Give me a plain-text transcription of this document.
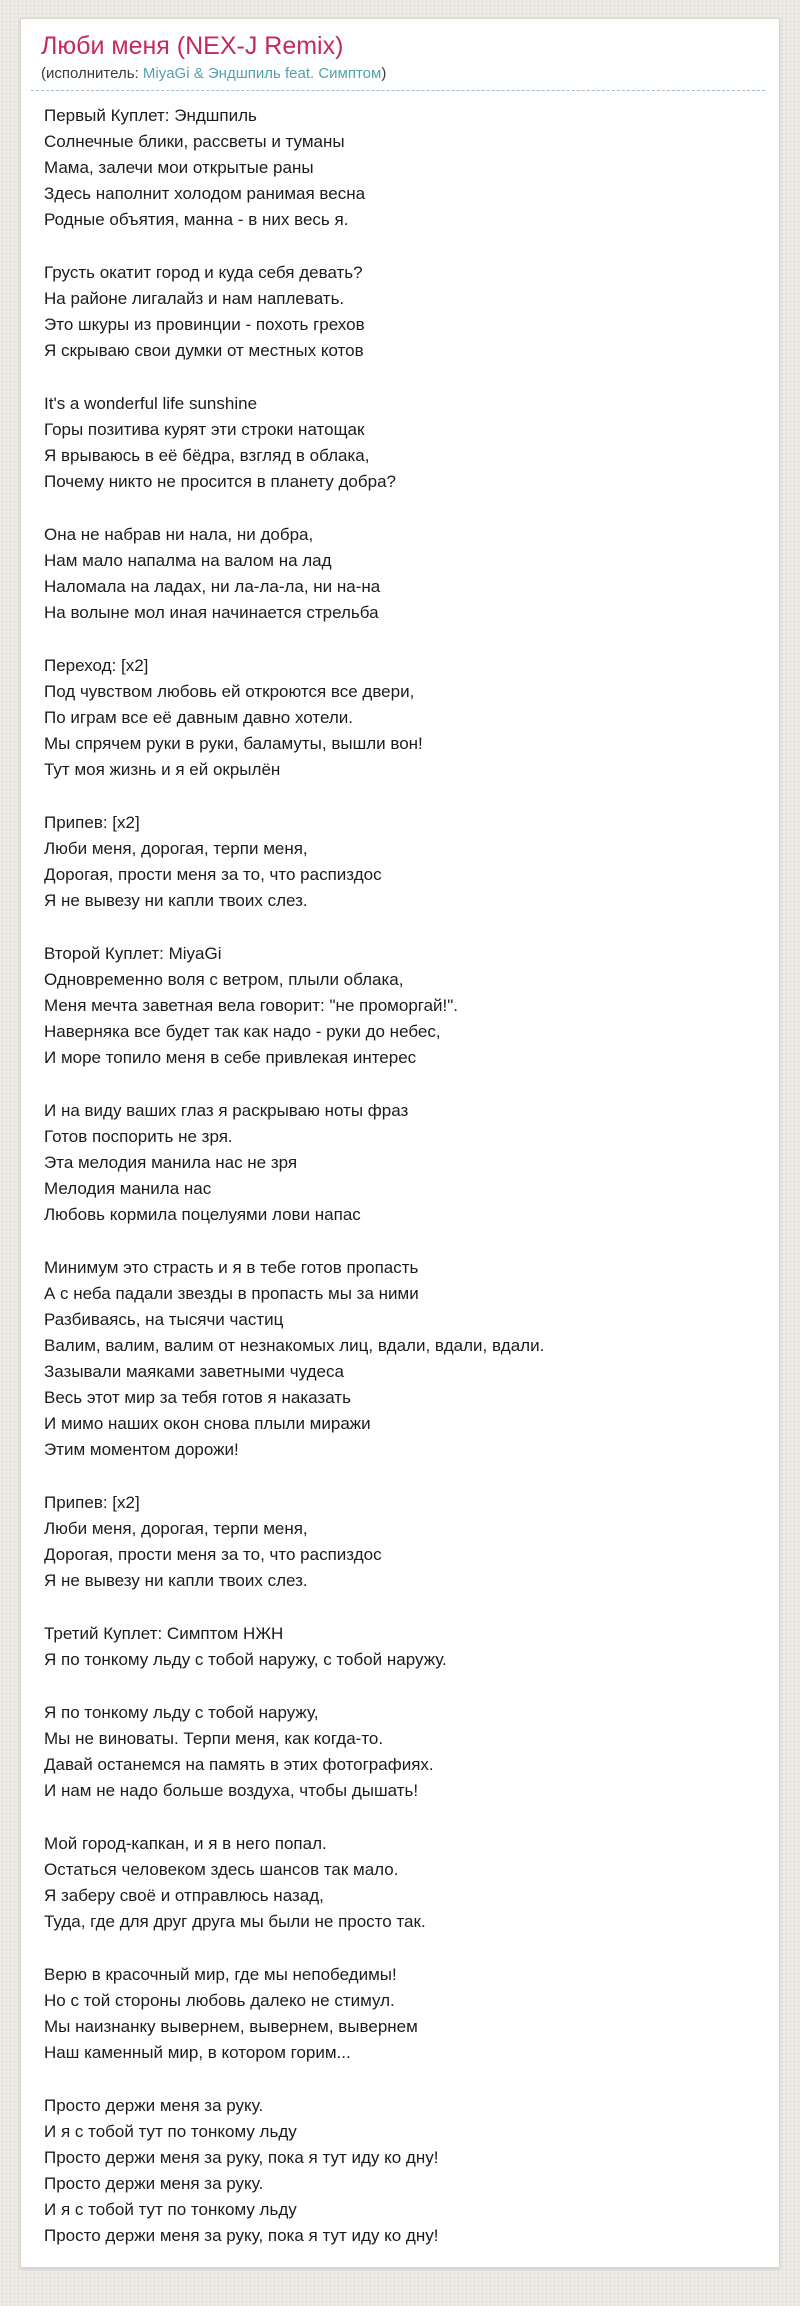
Люби меня (NEX-J Remix)
(исполнитель: MiyaGi & Эндшпиль feat. Симптом)

Первый Куплет: Эндшпиль
Солнечные блики, рассветы и туманы
Мама, залечи мои открытые раны
Здесь наполнит холодом ранимая весна
Родные объятия, манна - в них весь я.

Грусть окатит город и куда себя девать?
На районе лигалайз и нам наплевать.
Это шкуры из провинции - похоть грехов
Я скрываю свои думки от местных котов

It's a wonderful life sunshine
Горы позитива курят эти строки натощак
Я врываюсь в её бёдра, взгляд в облака,
Почему никто не просится в планету добра?

Она не набрав ни нала, ни добра,
Нам мало напалма на валом на лад
Наломала на ладах, ни ла-ла-ла, ни на-на
На волыне мол иная начинается стрельба

Переход: [x2]
Под чувством любовь ей откроются все двери,
По играм все её давным давно хотели.
Мы спрячем руки в руки, баламуты, вышли вон!
Тут моя жизнь и я ей окрылён

Припев: [x2]
Люби меня, дорогая, терпи меня,
Дорогая, прости меня за то, что распиздос
Я не вывезу ни капли твоих слез.

Второй Куплет: MiyaGi
Одновременно воля с ветром, плыли облака,
Меня мечта заветная вела говорит: "не проморгай!".
Наверняка все будет так как надо - руки до небес,
И море топило меня в себе привлекая интерес

И на виду ваших глаз я раскрываю ноты фраз
Готов поспорить не зря.
Эта мелодия манила нас не зря
Мелодия манила нас
Любовь кормила поцелуями лови напас

Минимум это страсть и я в тебе готов пропасть
А с неба падали звезды в пропасть мы за ними
Разбиваясь, на тысячи частиц
Валим, валим, валим от незнакомых лиц, вдали, вдали, вдали.
Зазывали маяками заветными чудеса
Весь этот мир за тебя готов я наказать
И мимо наших окон снова плыли миражи
Этим моментом дорожи!

Припев: [x2]
Люби меня, дорогая, терпи меня,
Дорогая, прости меня за то, что распиздос
Я не вывезу ни капли твоих слез.

Третий Куплет: Симптом НЖН
Я по тонкому льду с тобой наружу, с тобой наружу.

Я по тонкому льду с тобой наружу,
Мы не виноваты. Терпи меня, как когда-то.
Давай останемся на память в этих фотографиях.
И нам не надо больше воздуха, чтобы дышать!

Мой город-капкан, и я в него попал.
Остаться человеком здесь шансов так мало.
Я заберу своё и отправлюсь назад,
Туда, где для друг друга мы были не просто так.

Верю в красочный мир, где мы непобедимы!
Но с той стороны любовь далеко не стимул.
Мы наизнанку вывернем, вывернем, вывернем
Наш каменный мир, в котором горим...

Просто держи меня за руку.
И я с тобой тут по тонкому льду
Просто держи меня за руку, пока я тут иду ко дну!
Просто держи меня за руку.
И я с тобой тут по тонкому льду
Просто держи меня за руку, пока я тут иду ко дну!
